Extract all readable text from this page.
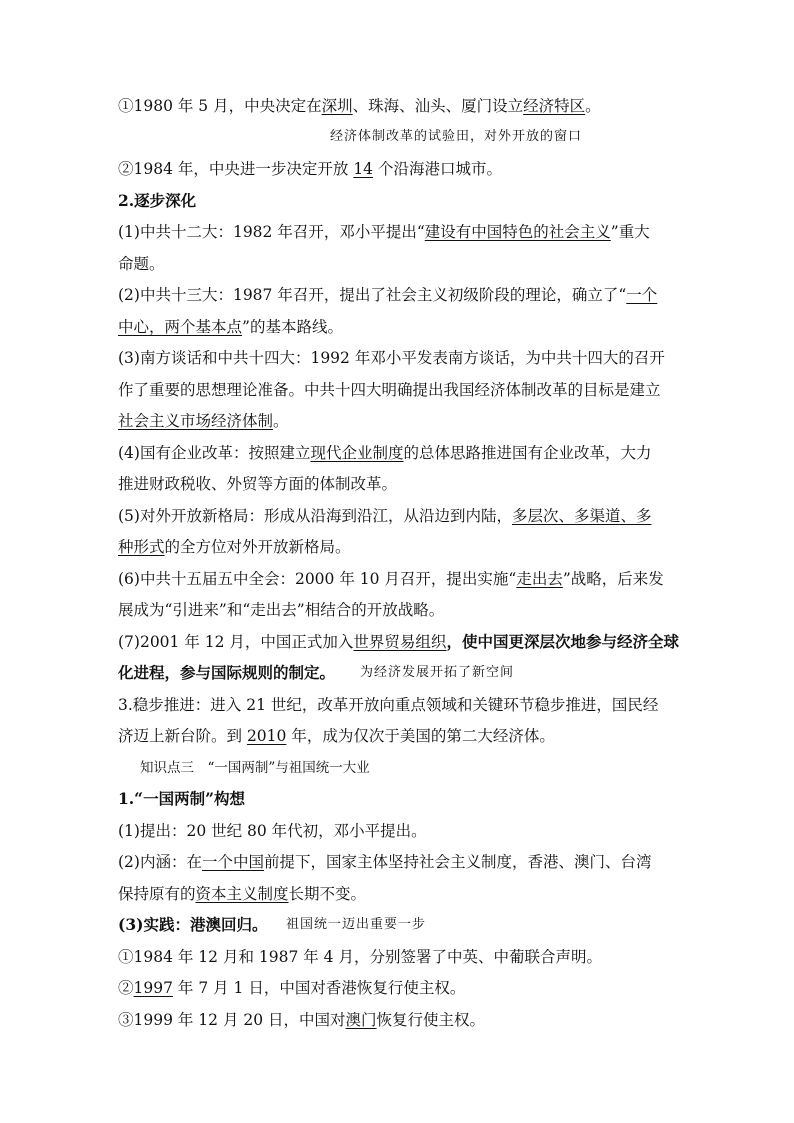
①1980 年 5 月，中央决定在深圳、珠海、汕头、厦门设立经济特区。
经济体制改革的试验田，对外开放的窗口
②1984 年，中央进一步决定开放 14 个沿海港口城市。
2.逐步深化
(1)中共十二大：1982 年召开，邓小平提出“建设有中国特色的社会主义”重大
命题。
(2)中共十三大：1987 年召开，提出了社会主义初级阶段的理论，确立了“一个
中心，两个基本点”的基本路线。
(3)南方谈话和中共十四大：1992 年邓小平发表南方谈话，为中共十四大的召开
作了重要的思想理论准备。中共十四大明确提出我国经济体制改革的目标是建立
社会主义市场经济体制。
(4)国有企业改革：按照建立现代企业制度的总体思路推进国有企业改革，大力
推进财政税收、外贸等方面的体制改革。
(5)对外开放新格局：形成从沿海到沿江，从沿边到内陆，多层次、多渠道、多
种形式的全方位对外开放新格局。
(6)中共十五届五中全会：2000 年 10 月召开，提出实施“走出去”战略，后来发
展成为“引进来”和“走出去”相结合的开放战略。
(7)2001 年 12 月，中国正式加入世界贸易组织，使中国更深层次地参与经济全球
化进程，参与国际规则的制定。 为经济发展开拓了新空间
3.稳步推进：进入 21 世纪，改革开放向重点领域和关键环节稳步推进，国民经
济迈上新台阶。到 2010 年，成为仅次于美国的第二大经济体。
知识点三　“一国两制”与祖国统一大业
1.“一国两制”构想
(1)提出：20 世纪 80 年代初，邓小平提出。
(2)内涵：在一个中国前提下，国家主体坚持社会主义制度，香港、澳门、台湾
保持原有的资本主义制度长期不变。
(3)实践：港澳回归。 祖国统一迈出重要一步
①1984 年 12 月和 1987 年 4 月，分别签署了中英、中葡联合声明。
②1997 年 7 月 1 日，中国对香港恢复行使主权。
③1999 年 12 月 20 日，中国对澳门恢复行使主权。
